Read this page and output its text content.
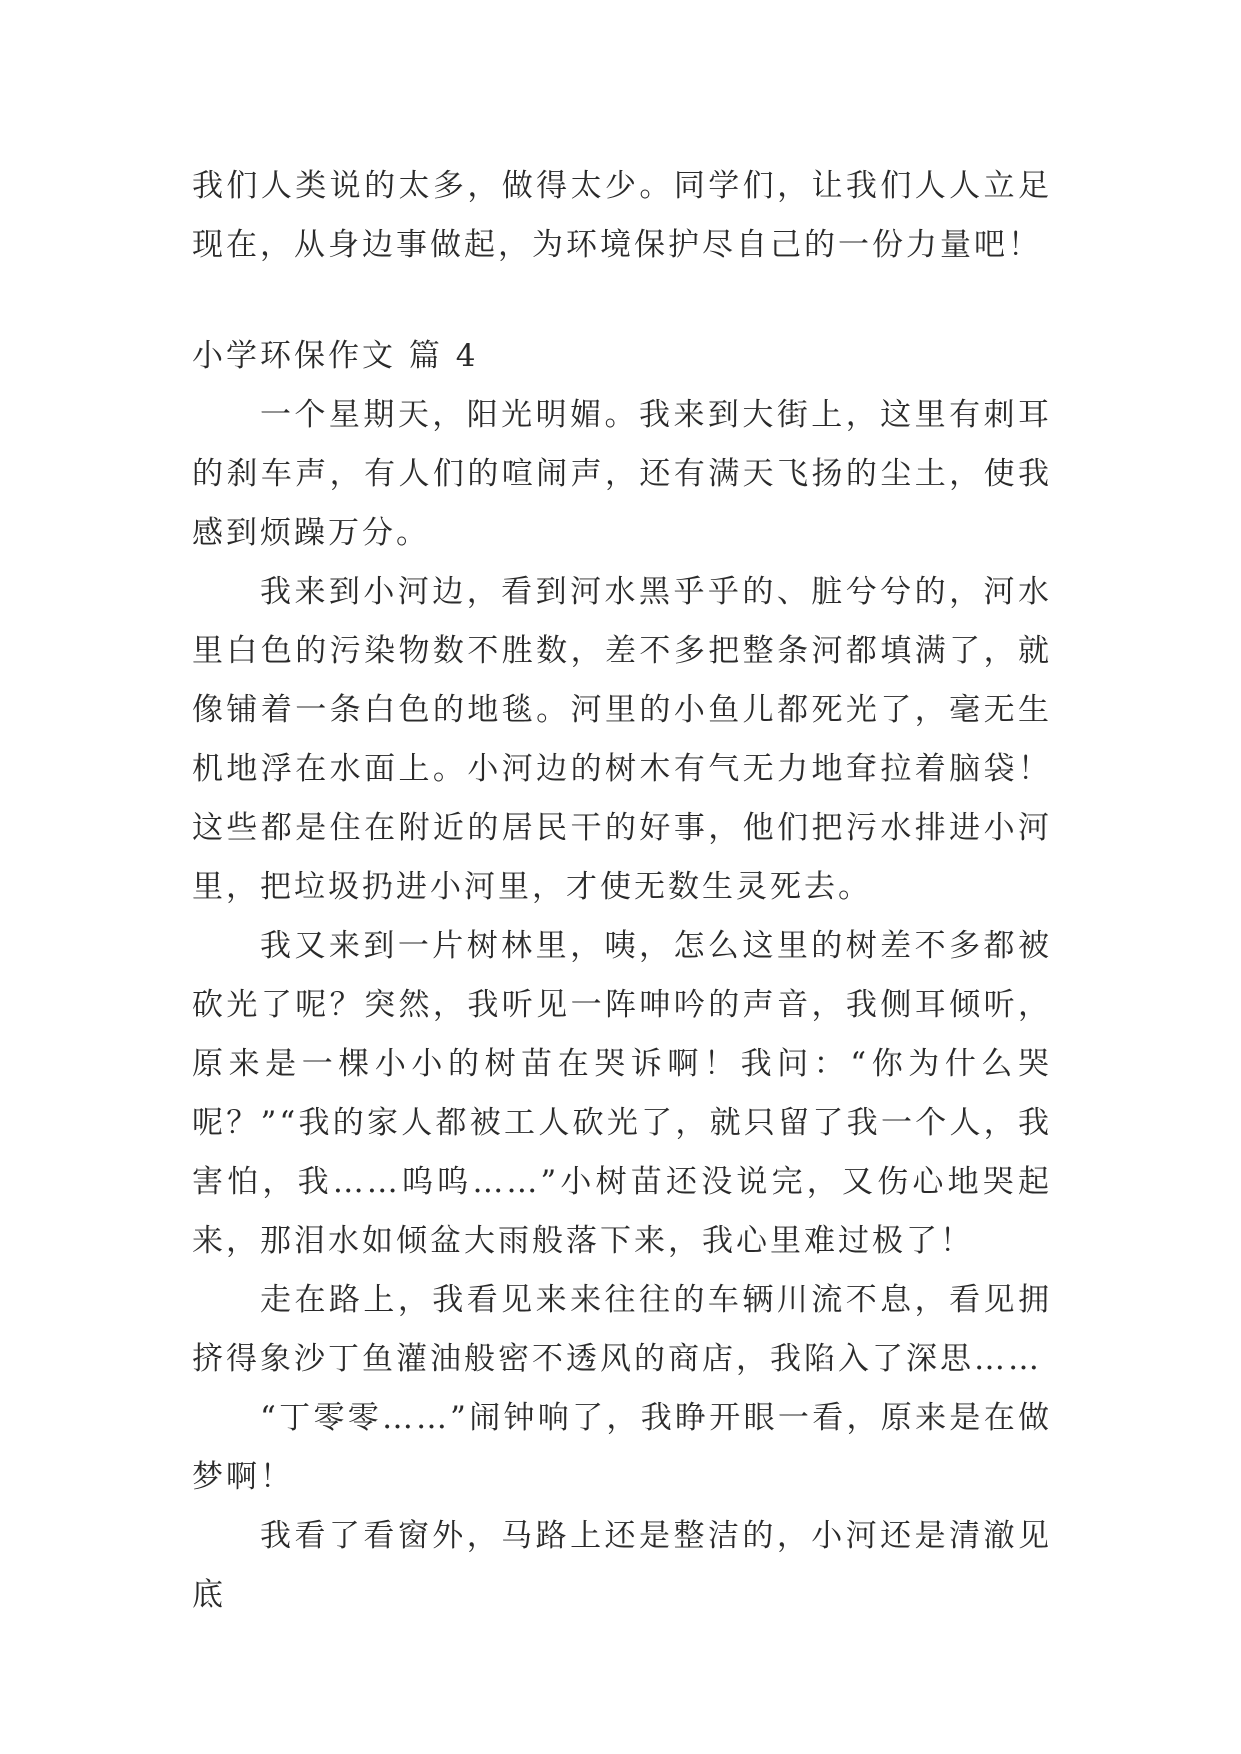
我们人类说的太多，做得太少。同学们，让我们人人立足现在，从身边事做起，为环境保护尽自己的一份力量吧！

小学环保作文 篇 4

一个星期天，阳光明媚。我来到大街上，这里有刺耳的刹车声，有人们的喧闹声，还有满天飞扬的尘土，使我感到烦躁万分。

我来到小河边，看到河水黑乎乎的、脏兮兮的，河水里白色的污染物数不胜数，差不多把整条河都填满了，就像铺着一条白色的地毯。河里的小鱼儿都死光了，毫无生机地浮在水面上。小河边的树木有气无力地耷拉着脑袋！这些都是住在附近的居民干的好事，他们把污水排进小河里，把垃圾扔进小河里，才使无数生灵死去。

我又来到一片树林里，咦，怎么这里的树差不多都被砍光了呢？突然，我听见一阵呻吟的声音，我侧耳倾听，原来是一棵小小的树苗在哭诉啊！我问：“你为什么哭呢？”“我的家人都被工人砍光了，就只留了我一个人，我害怕，我……呜呜……”小树苗还没说完，又伤心地哭起来，那泪水如倾盆大雨般落下来，我心里难过极了！

走在路上，我看见来来往往的车辆川流不息，看见拥挤得象沙丁鱼灌油般密不透风的商店，我陷入了深思……

“丁零零……”闹钟响了，我睁开眼一看，原来是在做梦啊！

我看了看窗外，马路上还是整洁的，小河还是清澈见底
